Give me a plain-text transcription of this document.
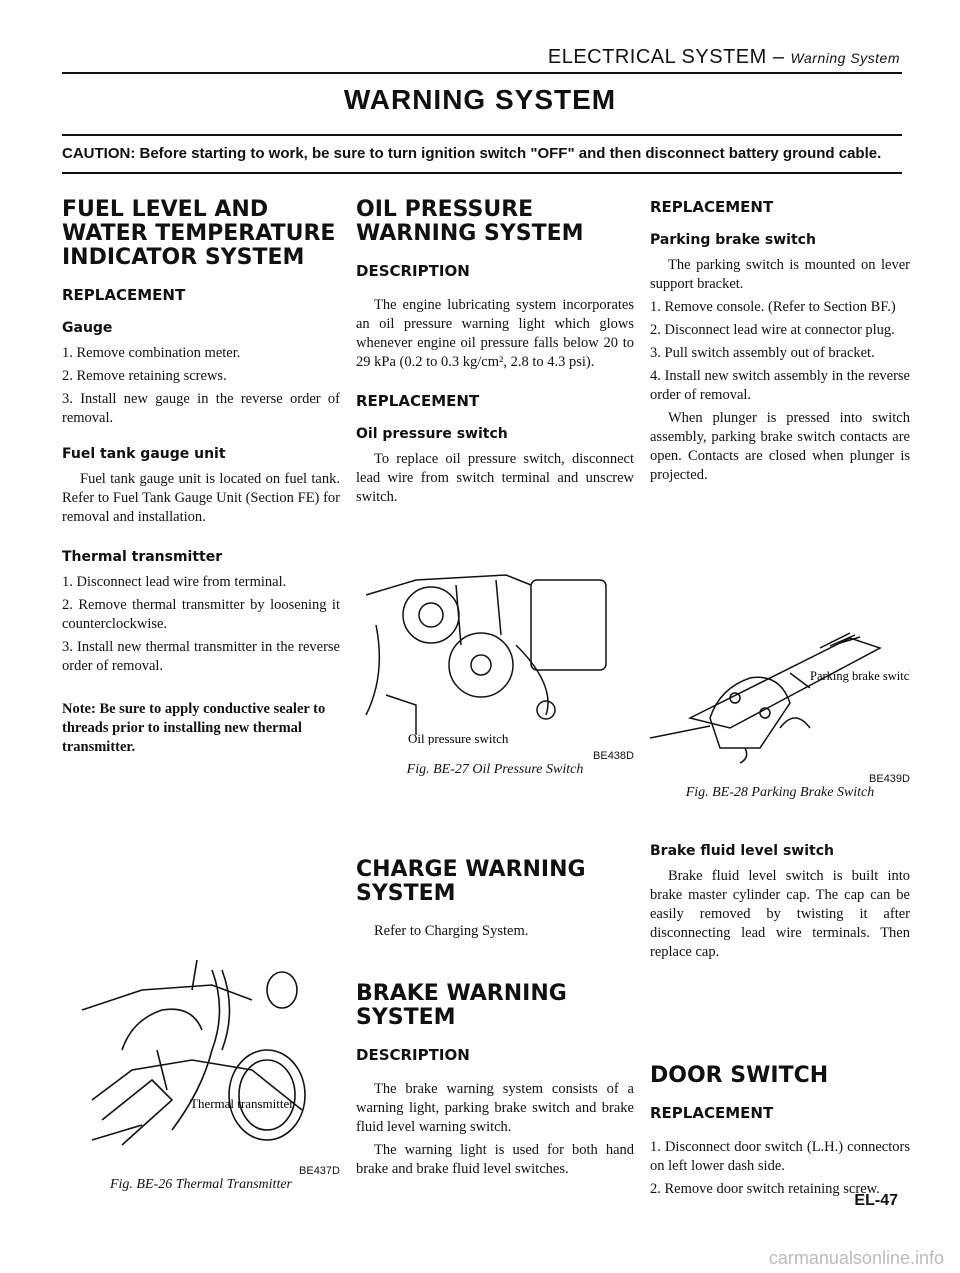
ELECTRICAL SYSTEM – Warning System
WARNING SYSTEM
CAUTION: Before starting to work, be sure to turn ignition switch "OFF" and then disconnect battery ground cable.
FUEL LEVEL AND WATER TEMPERATURE INDICATOR SYSTEM
REPLACEMENT
Gauge
1. Remove combination meter.
2. Remove retaining screws.
3. Install new gauge in the reverse order of removal.
Fuel tank gauge unit
Fuel tank gauge unit is located on fuel tank. Refer to Fuel Tank Gauge Unit (Section FE) for removal and installation.
Thermal transmitter
1. Disconnect lead wire from terminal.
2. Remove thermal transmitter by loosening it counterclockwise.
3. Install new thermal transmitter in the reverse order of removal.
Note: Be sure to apply conductive sealer to threads prior to installing new thermal transmitter.
Thermal transmitter
BE437D
Fig. BE-26 Thermal Transmitter
OIL PRESSURE WARNING SYSTEM
DESCRIPTION
The engine lubricating system incorporates an oil pressure warning light which glows whenever engine oil pressure falls below 20 to 29 kPa (0.2 to 0.3 kg/cm², 2.8 to 4.3 psi).
REPLACEMENT
Oil pressure switch
To replace oil pressure switch, disconnect lead wire from switch terminal and unscrew switch.
Oil pressure switch
BE438D
Fig. BE-27 Oil Pressure Switch
CHARGE WARNING SYSTEM
Refer to Charging System.
BRAKE WARNING SYSTEM
DESCRIPTION
The brake warning system consists of a warning light, parking brake switch and brake fluid level warning switch.
The warning light is used for both hand brake and brake fluid level switches.
REPLACEMENT
Parking brake switch
The parking switch is mounted on lever support bracket.
1. Remove console. (Refer to Section BF.)
2. Disconnect lead wire at connector plug.
3. Pull switch assembly out of bracket.
4. Install new switch assembly in the reverse order of removal.
When plunger is pressed into switch assembly, parking brake switch contacts are open. Contacts are closed when plunger is projected.
Parking brake switch
BE439D
Fig. BE-28 Parking Brake Switch
Brake fluid level switch
Brake fluid level switch is built into brake master cylinder cap. The cap can be easily removed by twisting it after disconnecting lead wire terminals. Then replace cap.
DOOR SWITCH
REPLACEMENT
1. Disconnect door switch (L.H.) connectors on left lower dash side.
2. Remove door switch retaining screw.
EL-47
carmanualsonline.info
